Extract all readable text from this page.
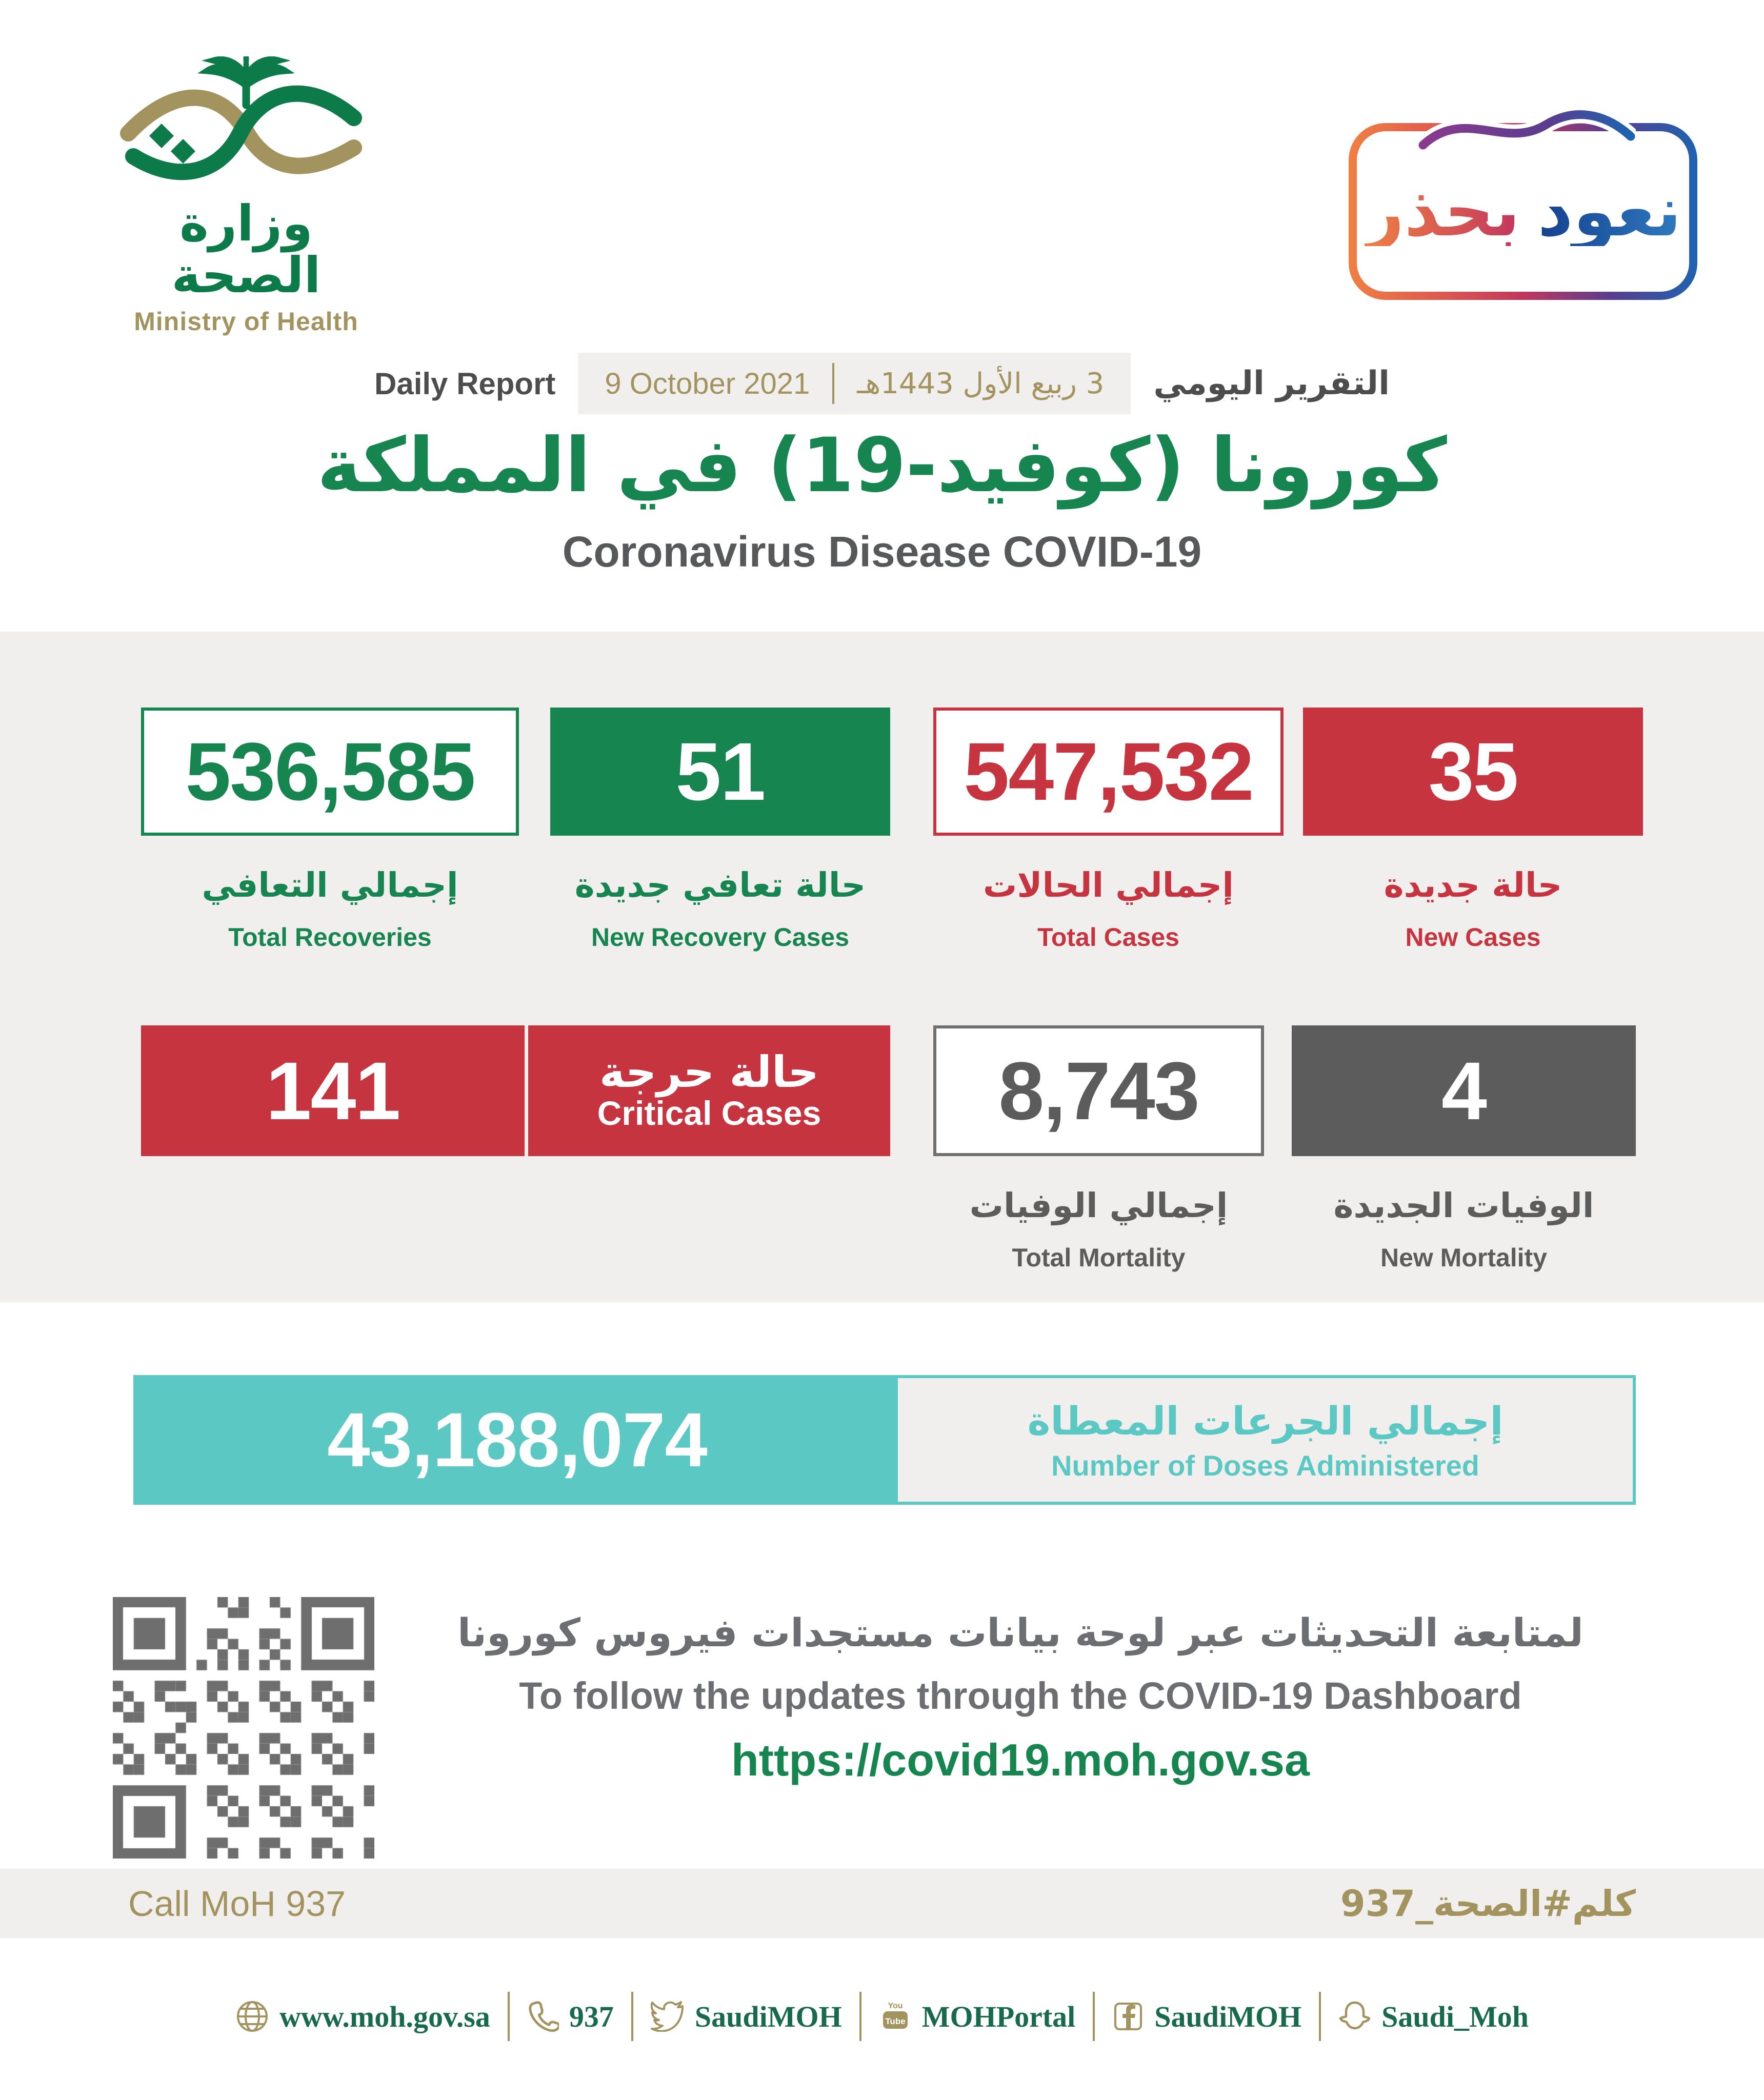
وزارة الصحة
Ministry of Health
نعود
بحذر
Daily Report 9 October 2021 3 ربيع الأول 1443هـ التقرير اليومي
كورونا (كوفيد-19) في المملكة
Coronavirus Disease COVID-19
536,585
إجمالي التعافي
Total Recoveries
51
حالة تعافي جديدة
New Recovery Cases
547,532
إجمالي الحالات
Total Cases
35
حالة جديدة
New Cases
141	حالة حرجة
Critical Cases 8,743
إجمالي الوفيات
Total Mortality
4
الوفيات الجديدة
New Mortality
43,188,074	إجمالي الجرعات المعطاة
Number of Doses Administered
لمتابعة التحديثات عبر لوحة بيانات مستجدات فيروس كورونا
To follow the updates through the COVID-19 Dashboard
https://covid19.moh.gov.sa
Call MoH 937	كلم#الصحة_937
www.moh.gov.sa	937	SaudiMOH	You
Tube MOHPortal	SaudiMOH	Saudi_Moh
